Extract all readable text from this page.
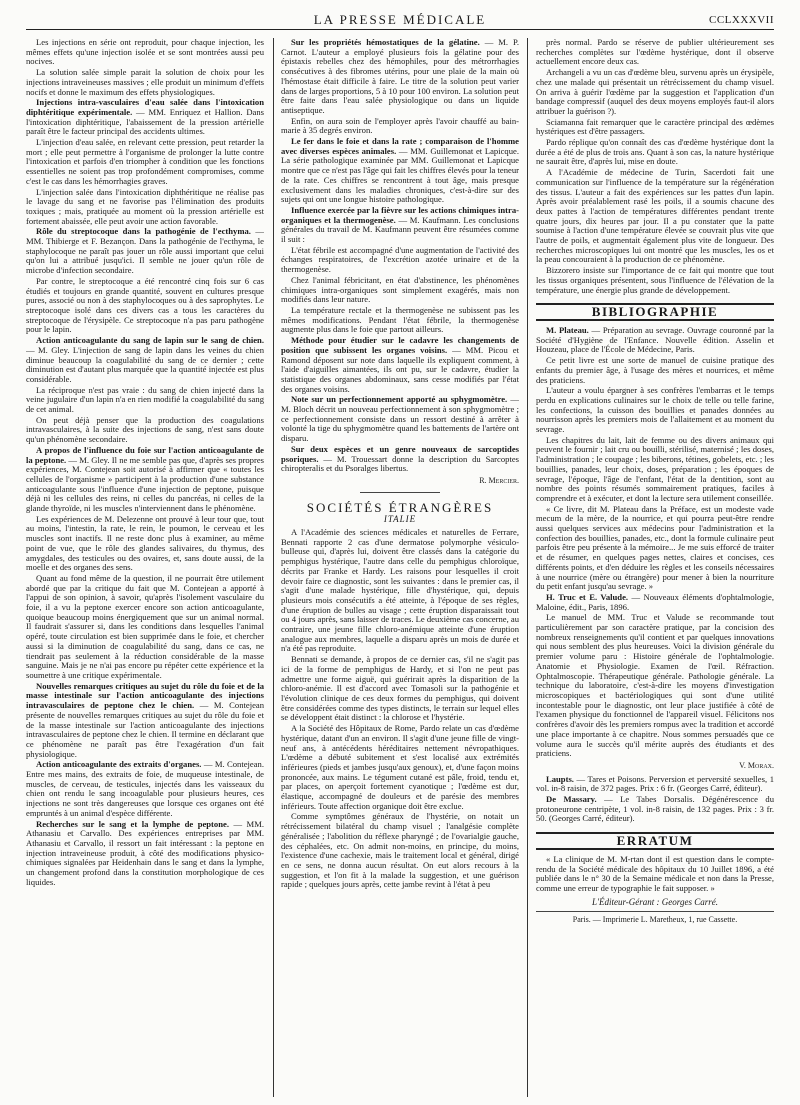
LA PRESSE MÉDICALE	CCLXXXVII

Les injections en série ont reproduit, pour chaque injection, les mêmes effets qu'une injection isolée et se sont montrées aussi peu nocives.

La solution salée simple parait la solution de choix pour les injections intraveineuses massives ; elle produit un minimum d'effets nocifs et donne le maximum des effets physiologiques.

Injections intra-vasculaires d'eau salée dans l'intoxication diphtéritique expérimentale. — MM. Enriquez et Hallion. Dans l'intoxication diphtéritique, l'abaissement de la pression artérielle paraît être le facteur principal des accidents ultimes.

L'injection d'eau salée, en relevant cette pression, peut retarder la mort ; elle peut permettre à l'organisme de prolonger la lutte contre l'intoxication et parfois d'en triompher à condition que les fonctions essentielles ne soient pas trop profondément compromises, comme c'est le cas dans les hémorrhagies graves.

L'injection salée dans l'intoxication diphthéritique ne réalise pas le lavage du sang et ne favorise pas l'élimination des produits toxiques ; mais, pratiquée au moment où la pression artérielle est fortement abaissée, elle peut avoir une action favorable.

Rôle du streptocoque dans la pathogénie de l'ecthyma. — MM. Thibierge et F. Bezançon. Dans la pathogénie de l'ecthyma, le staphylocoque ne paraît pas jouer un rôle aussi important que celui qu'on lui a attribué jusqu'ici. Il semble ne jouer qu'un rôle de microbe d'infection secondaire.

Par contre, le streptocoque a été rencontré cinq fois sur 6 cas étudiés et toujours en grande quantité, souvent en cultures presque pures, associé ou non à des staphylocoques ou à des saprophytes. Le streptocoque isolé dans ces divers cas a tous les caractères du streptocoque de l'érysipèle. Ce streptocoque n'a pas paru pathogène pour le lapin.

Action anticoagulante du sang de lapin sur le sang de chien. — M. Gley. L'injection de sang de lapin dans les veines du chien diminue beaucoup la coagulabilité du sang de ce dernier ; cette diminution est d'autant plus marquée que la quantité injectée est plus considérable.

La réciproque n'est pas vraie : du sang de chien injecté dans la veine jugulaire d'un lapin n'a en rien modifié la coagulabilité du sang de cet animal.

On peut déjà penser que la production des coagulations intravasculaires, à la suite des injections de sang, n'est sans doute qu'un phénomène secondaire.

A propos de l'influence du foie sur l'action anticoagulante de la peptone. — M. Gley. Il ne me semble pas que, d'après ses propres expériences, M. Contejean soit autorisé à affirmer que « toutes les cellules de l'organisme » participent à la production d'une substance anticoagulante sous l'influence d'une injection de peptone, puisque déjà ni les cellules des reins, ni celles du pancréas, ni celles de la glande thyroïde, ni les muscles n'interviennent dans le phénomène.

Les expériences de M. Delezenne ont prouvé à leur tour que, tout au moins, l'intestin, la rate, le rein, le poumon, le cerveau et les muscles sont inactifs. Il ne reste donc plus à examiner, au même point de vue, que le rôle des glandes salivaires, du thymus, des amygdales, des testicules ou des ovaires, et, sans doute aussi, de la moelle et des organes des sens.

Quant au fond même de la question, il ne pourrait être utilement abordé que par la critique du fait que M. Contejean a apporté à l'appui de son opinion, à savoir, qu'après l'isolement vasculaire du foie, il a vu la peptone exercer encore son action anticoagulante, quoique beaucoup moins énergiquement que sur un animal normal. Il faudrait s'assurer si, dans les conditions dans lesquelles l'animal opéré, toute circulation est bien supprimée dans le foie, et chercher aussi si la diminution de coagulabilité du sang, dans ce cas, ne tiendrait pas seulement à la réduction considérable de la masse sanguine. Mais je ne n'ai pas encore pu répéter cette expérience et la soumettre à une critique expérimentale.

Nouvelles remarques critiques au sujet du rôle du foie et de la masse intestinale sur l'action anticoagulante des injections intravasculaires de peptone chez le chien. — M. Contejean présente de nouvelles remarques critiques au sujet du rôle du foie et de la masse intestinale sur l'action anticoagulante des injections intravasculaires de peptone chez le chien. Il termine en déclarant que ce phénomène ne paraît pas être l'exagération d'un fait physiologique.

Action anticoagulante des extraits d'organes. — M. Contejean. Entre mes mains, des extraits de foie, de muqueuse intestinale, de muscles, de cerveau, de testicules, injectés dans les vaisseaux du chien ont rendu le sang incoagulable pour plusieurs heures, ces injections ne sont très dangereuses que lorsque ces organes ont été empruntés à un animal d'espèce différente.

Recherches sur le sang et la lymphe de peptone. — MM. Athanasiu et Carvallo. Des expériences entreprises par MM. Athanasiu et Carvallo, il ressort un fait intéressant : la peptone en injection intraveineuse produit, à côté des modifications physico-chimiques signalées par Heidenhain dans le sang et dans la lymphe, un changement profond dans la constitution morphologique de ces liquides.

Sur les propriétés hémostatiques de la gélatine. — M. P. Carnot. L'auteur a employé plusieurs fois la gélatine pour des épistaxis rebelles chez des hémophiles, pour des métrorrhagies consécutives à des fibromes utérins, pour une plaie de la main où l'hémostase était difficile à faire. Le titre de la solution peut varier dans de larges proportions, 5 à 10 pour 100 environ. La solution peut être faite dans l'eau salée physiologique ou dans un liquide antiseptique.

Enfin, on aura soin de l'employer après l'avoir chauffé au bain-marie à 35 degrés environ.

Le fer dans le foie et dans la rate ; comparaison de l'homme avec diverses espèces animales. — MM. Guillemonat et Lapicque. La série pathologique examinée par MM. Guillemonat et Lapicque montre que ce n'est pas l'âge qui fait les chiffres élevés pour la teneur de la rate. Ces chiffres se rencontrent à tout âge, mais presque exclusivement dans les maladies chroniques, c'est-à-dire sur des sujets qui ont une longue histoire pathologique.

Influence exercée par la fièvre sur les actions chimiques intra-organiques et la thermogenèse. — M. Kaufmann. Les conclusions générales du travail de M. Kaufmann peuvent être résumées comme il suit :

L'état fébrile est accompagné d'une augmentation de l'activité des échanges respiratoires, de l'excrétion azotée urinaire et de la thermogenèse.

Chez l'animal fébricitant, en état d'abstinence, les phénomènes chimiques intra-organiques sont simplement exagérés, mais non modifiés dans leur nature.

La température rectale et la thermogenèse ne subissent pas les mêmes modifications. Pendant l'état fébrile, la thermogenèse augmente plus dans le foie que partout ailleurs.

Méthode pour étudier sur le cadavre les changements de position que subissent les organes voisins. — MM. Picou et Ramond déposent sur note dans laquelle ils expliquent comment, à l'aide d'aiguilles aimantées, ils ont pu, sur le cadavre, étudier la statistique des organes abdominaux, sans cesse modifiés par l'état des organes voisins.

Note sur un perfectionnement apporté au sphygmomètre. — M. Bloch décrit un nouveau perfectionnement à son sphygmomètre ; ce perfectionnement consiste dans un ressort destiné à arrêter à volonté la tige du sphygmomètre quand les battements de l'artère ont disparu.

Sur deux espèces et un genre nouveaux de sarcoptides psoriques. — M. Trouessart donne la description du Sarcoptes chiropteralis et du Psoralges libertus.

R. Mercier.
SOCIÉTÉS ÉTRANGÈRES
ITALIE

A l'Académie des sciences médicales et naturelles de Ferrare, Bennati rapporte 2 cas d'une dermatose polymorphe vésiculo-bulleuse qui, d'après lui, doivent être classés dans la catégorie du pemphigus hystérique, l'autre dans celle du pemphigus chloroïque, décrits par Franke et Hardy. Les raisons pour lesquelles il croit devoir faire ce diagnostic, sont les suivantes : dans le premier cas, il s'agit d'une malade hystérique, fille d'hystérique, qui, depuis plusieurs mois consécutifs a été atteinte, à l'époque de ses règles, d'une éruption de bulles au visage ; cette éruption disparaissait tout ou 4 jours après, sans laisser de traces. Le deuxième cas concerne, au contraire, une jeune fille chloro-anémique atteinte d'une éruption analogue aux membres, laquelle a disparu après un mois de durée et n'a été pas reproduite.

Bennati se demande, à propos de ce dernier cas, s'il ne s'agit pas ici de la forme de pemphigus de Hardy, et si l'on ne peut pas admettre une forme aiguë, qui guérirait après la disparition de la chloro-anémie. Il est d'accord avec Tomasoli sur la pathogénie et l'évolution clinique de ces deux formes du pemphigus, qui doivent être considérées comme des types distincts, le terrain sur lequel elles se développent était distinct : la chlorose et l'hystérie.

A la Société des Hôpitaux de Rome, Pardo relate un cas d'œdème hystérique, datant d'un an environ. Il s'agit d'une jeune fille de vingt-neuf ans, à antécédents héréditaires nettement névropathiques. L'œdème a débuté subitement et s'est localisé aux extrémités inférieures (pieds et jambes jusqu'aux genoux), et, d'une façon moins prononcée, aux mains. Le tégument cutané est pâle, froid, tendu et, par places, on aperçoit fortement cyanotique ; l'œdème est dur, élastique, accompagné de douleurs et de parésie des membres inférieurs. Toute affection organique doit être exclue.

Comme symptômes généraux de l'hystérie, on notait un rétrécissement bilatéral du champ visuel ; l'analgésie complète généralisée ; l'abolition du réflexe pharyngé ; de l'ovarialgie gauche, des céphalées, etc. On admit non-moins, en principe, du moins, l'existence d'une cachexie, mais le traitement local et général, dirigé en ce sens, ne donna aucun résultat. On eut alors recours à la suggestion, et l'on fit à la malade la suggestion, et une guérison rapide ; quelques jours après, cette jambe revint à l'état à peu

près normal. Pardo se réserve de publier ultérieurement ses recherches complètes sur l'œdème hystérique, dont il observe actuellement encore deux cas.

Archangeli a vu un cas d'œdème bleu, survenu après un érysipèle, chez une malade qui présentait un rétrécissement du champ visuel. On arriva à guérir l'œdème par la suggestion et l'application d'un bandage compressif (auquel des deux moyens employés faut-il alors attribuer la guérison ?).

Sciamanna fait remarquer que le caractère principal des œdèmes hystériques est d'être passagers.

Pardo réplique qu'on connaît des cas d'œdème hystérique dont la durée a été de plus de trois ans. Quant à son cas, la nature hystérique ne saurait être, d'après lui, mise en doute.

A l'Académie de médecine de Turin, Sacerdoti fait une communication sur l'influence de la température sur la régénération des tissus. L'auteur a fait des expériences sur les pattes d'un lapin. Après avoir préalablement rasé les poils, il a soumis chacune des deux pattes à l'action de températures différentes pendant trente quatre jours, dix heures par jour. Il a pu constater que la patte soumise à l'action d'une température élevée se couvrait plus vite que l'autre de poils, et augmentait également plus vite de longueur. Des recherches microscopiques lui ont montré que les muscles, les os et la peau concouraient à la production de ce phénomène.

Bizzorero insiste sur l'importance de ce fait qui montre que tout les tissus organiques présentent, sous l'influence de l'élévation de la température, une énergie plus grande de développement.

BIBLIOGRAPHIE

M. Plateau. — Préparation au sevrage. Ouvrage couronné par la Société d'Hygiène de l'Enfance. Nouvelle édition. Asselin et Houzeau, place de l'École de Médecine, Paris.

Ce petit livre est une sorte de manuel de cuisine pratique des enfants du premier âge, à l'usage des mères et nourrices, et même des praticiens.

L'auteur a voulu épargner à ses confrères l'embarras et le temps perdu en explications culinaires sur le choix de telle ou telle farine, les confections, la cuisson des bouillies et panades données au nourrisson après les premiers mois de l'allaitement et au moment du sevrage.

Les chapitres du lait, lait de femme ou des divers animaux qui peuvent le fournir ; lait cru ou bouilli, stérilisé, maternisé ; les doses, l'administration ; le coupage ; les biberons, tétines, gobelets, etc. ; les bouillies, panades, leur choix, doses, préparation ; les époques de sevrage, l'époque, l'âge de l'enfant, l'état de la dentition, sont au nombre des points résumés sommairement pratiques, faciles à comprendre et à exécuter, et dont la lecture sera utilement conseillée.

« Ce livre, dit M. Plateau dans la Préface, est un modeste vade mecum de la mère, de la nourrice, et qui pourra peut-être rendre aussi quelques services aux médecins pour l'administration et la confection des bouillies, panades, etc., dont la formule culinaire peut parfois être peu présente à la mémoire... Je me suis efforcé de traiter et de résumer, en quelques pages nettes, claires et concises, ces différents points, et d'en déduire les règles et les conseils nécessaires à une nourrice (mère ou étrangère) pour mener à bien la nourriture du petit enfant jusqu'au sevrage. »

H. Truc et E. Valude. — Nouveaux éléments d'ophtalmologie, Maloine, édit., Paris, 1896.

Le manuel de MM. Truc et Valude se recommande tout particulièrement par son caractère pratique, par la concision des nombreux renseignements qu'il contient et par quelques innovations qui nous semblent des plus heureuses. Voici la division générale du premier volume paru : Histoire générale de l'ophtalmologie. Anatomie et Physiologie. Examen de l'œil. Réfraction. Ophtalmoscopie. Thérapeutique générale. Pathologie générale. La technique du laboratoire, c'est-à-dire les moyens d'investigation microscopiques et bactériologiques qui sont d'une utilité incontestable pour le diagnostic, ont leur place justifiée à côté de l'examen physique du fonctionnel de l'appareil visuel. Félicitons nos confrères d'avoir dès les premiers rompus avec la tradition et accordé une place importante à ce chapitre. Nous sommes persuadés que ce volume aura le succès qu'il mérite auprès des étudiants et des praticiens.

V. Morax.

Laupts. — Tares et Poisons. Perversion et perversité sexuelles, 1 vol. in-8 raisin, de 372 pages. Prix : 6 fr. (Georges Carré, éditeur).

De Massary. — Le Tabes Dorsalis. Dégénérescence du protoneurone centripète, 1 vol. in-8 raisin, de 132 pages. Prix : 3 fr. 50. (Georges Carré, éditeur).

ERRATUM

« La clinique de M. M-rtan dont il est question dans le compte-rendu de la Société médicale des hôpitaux du 10 Juillet 1896, a été publiée dans le n° 30 de la Semaine médicale et non dans la Presse, comme une erreur de typographie le fait supposer. »

L'Éditeur-Gérant : Georges Carré.
Paris. — Imprimerie L. Maretheux, 1, rue Cassette.
